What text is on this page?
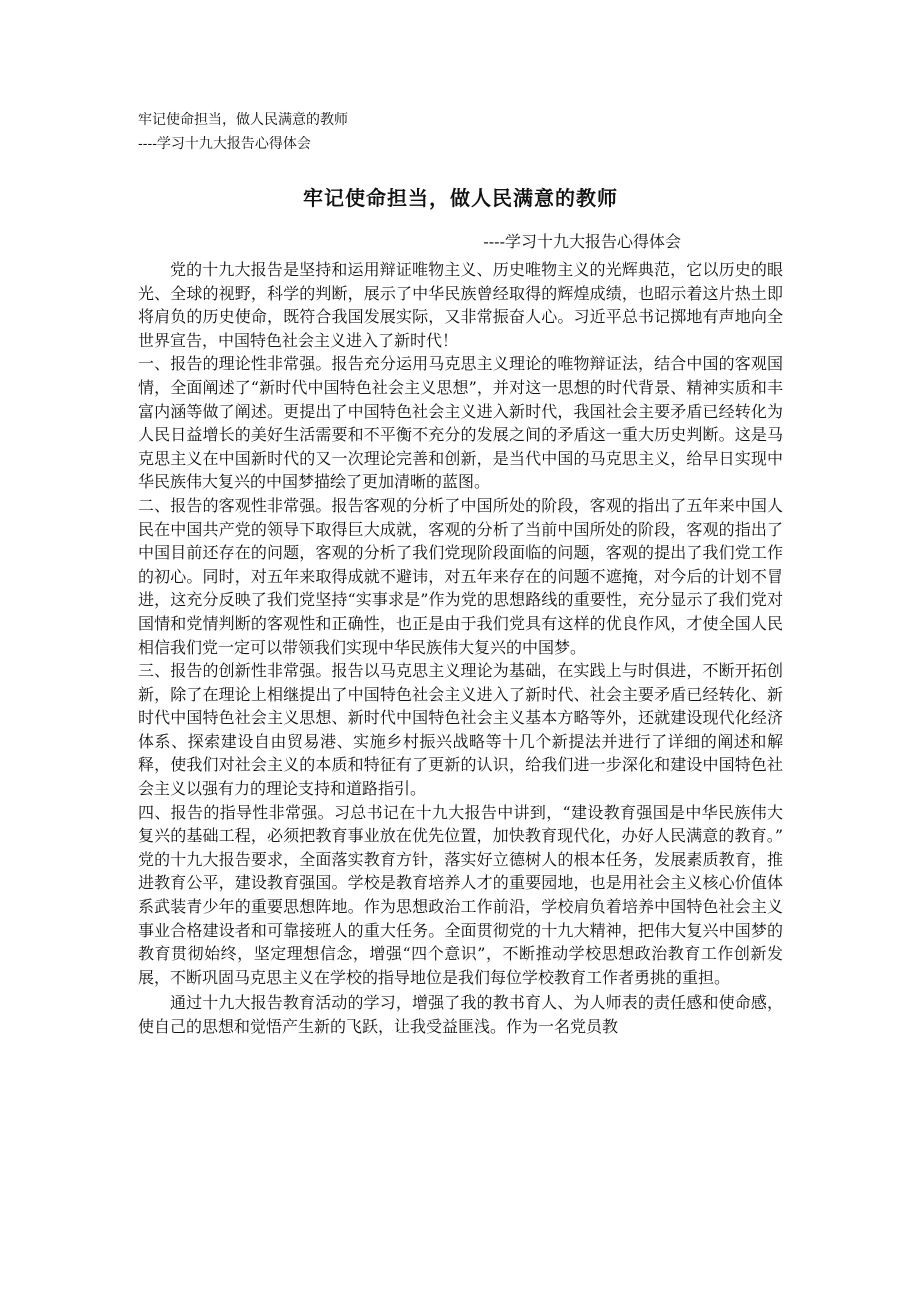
牢记使命担当，做人民满意的教师

----学习十九大报告心得体会

牢记使命担当，做人民满意的教师

----学习十九大报告心得体会

党的十九大报告是坚持和运用辩证唯物主义、历史唯物主义的光辉典范，它以历史的眼光、全球的视野，科学的判断，展示了中华民族曾经取得的辉煌成绩，也昭示着这片热土即将肩负的历史使命，既符合我国发展实际，又非常振奋人心。习近平总书记掷地有声地向全世界宣告，中国特色社会主义进入了新时代！

一、报告的理论性非常强。报告充分运用马克思主义理论的唯物辩证法，结合中国的客观国情，全面阐述了“新时代中国特色社会主义思想”，并对这一思想的时代背景、精神实质和丰富内涵等做了阐述。更提出了中国特色社会主义进入新时代，我国社会主要矛盾已经转化为人民日益增长的美好生活需要和不平衡不充分的发展之间的矛盾这一重大历史判断。这是马克思主义在中国新时代的又一次理论完善和创新，是当代中国的马克思主义，给早日实现中华民族伟大复兴的中国梦描绘了更加清晰的蓝图。

二、报告的客观性非常强。报告客观的分析了中国所处的阶段，客观的指出了五年来中国人民在中国共产党的领导下取得巨大成就，客观的分析了当前中国所处的阶段，客观的指出了中国目前还存在的问题，客观的分析了我们党现阶段面临的问题，客观的提出了我们党工作的初心。同时，对五年来取得成就不避讳，对五年来存在的问题不遮掩，对今后的计划不冒进，这充分反映了我们党坚持“实事求是”作为党的思想路线的重要性，充分显示了我们党对国情和党情判断的客观性和正确性，也正是由于我们党具有这样的优良作风，才使全国人民相信我们党一定可以带领我们实现中华民族伟大复兴的中国梦。

三、报告的创新性非常强。报告以马克思主义理论为基础，在实践上与时俱进，不断开拓创新，除了在理论上相继提出了中国特色社会主义进入了新时代、社会主要矛盾已经转化、新时代中国特色社会主义思想、新时代中国特色社会主义基本方略等外，还就建设现代化经济体系、探索建设自由贸易港、实施乡村振兴战略等十几个新提法并进行了详细的阐述和解释，使我们对社会主义的本质和特征有了更新的认识，给我们进一步深化和建设中国特色社会主义以强有力的理论支持和道路指引。

四、报告的指导性非常强。习总书记在十九大报告中讲到，“建设教育强国是中华民族伟大复兴的基础工程，必须把教育事业放在优先位置，加快教育现代化，办好人民满意的教育。” 党的十九大报告要求，全面落实教育方针，落实好立德树人的根本任务，发展素质教育，推进教育公平，建设教育强国。学校是教育培养人才的重要园地，也是用社会主义核心价值体系武装青少年的重要思想阵地。作为思想政治工作前沿，学校肩负着培养中国特色社会主义事业合格建设者和可靠接班人的重大任务。全面贯彻党的十九大精神，把伟大复兴中国梦的教育贯彻始终，坚定理想信念，增强“四个意识”，不断推动学校思想政治教育工作创新发展，不断巩固马克思主义在学校的指导地位是我们每位学校教育工作者勇挑的重担。

通过十九大报告教育活动的学习，增强了我的教书育人、为人师表的责任感和使命感，使自己的思想和觉悟产生新的飞跃，让我受益匪浅。作为一名党员教
